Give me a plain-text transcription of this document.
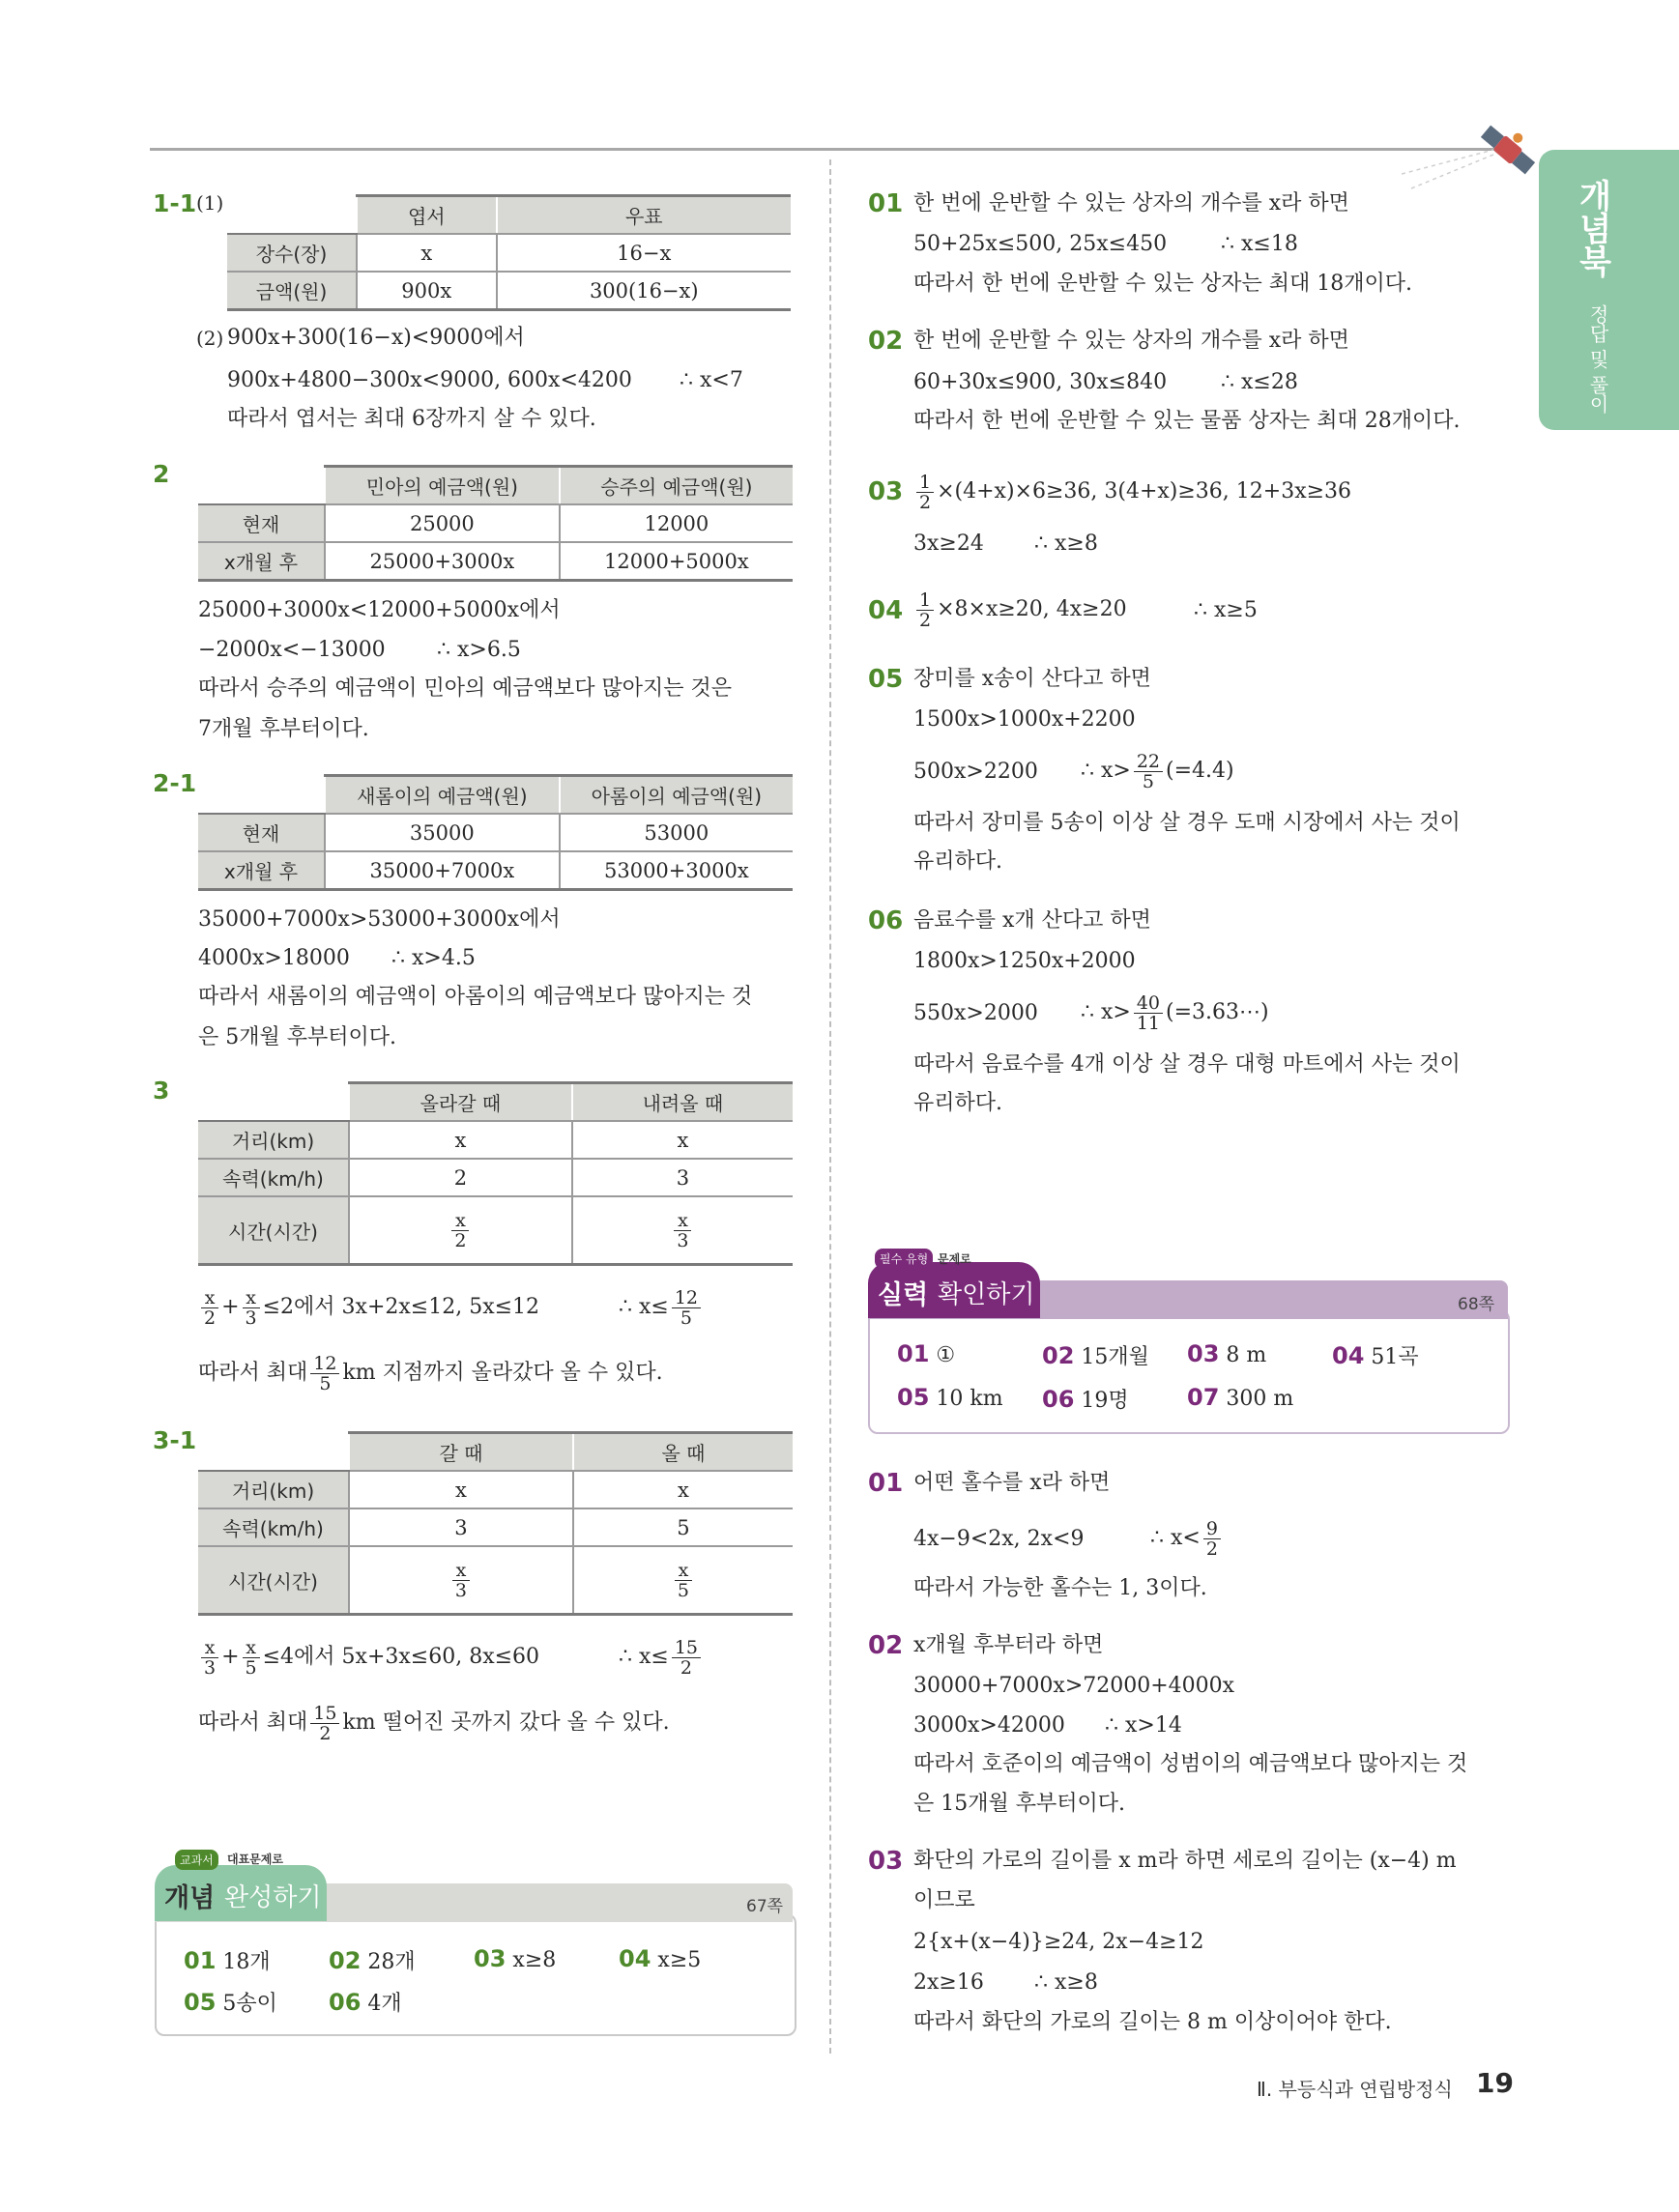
개념북
정답 및 풀이
1-1 (1)
	엽서	우표
장수(장)	x	16−x
금액(원)	900x	300(16−x)
(2) 900x+300(16−x)<9000에서
900x+4800−300x<9000, 600x<4200 ∴ x<7
따라서 엽서는 최대 6장까지 살 수 있다.
2
		민아의 예금액(원)	승주의 예금액(원)
현재	25000	12000
x개월 후	25000+3000x	12000+5000x
25000+3000x<12000+5000x에서
−2000x<−13000 ∴ x>6.5
따라서 승주의 예금액이 민아의 예금액보다 많아지는 것은
7개월 후부터이다.
2-1
		새롬이의 예금액(원)	아롬이의 예금액(원)
현재	35000	53000
x개월 후	35000+7000x	53000+3000x
35000+7000x>53000+3000x에서
4000x>18000 ∴ x>4.5
따라서 새롬이의 예금액이 아롬이의 예금액보다 많아지는 것
은 5개월 후부터이다.
3
		올라갈 때	내려올 때
거리(km)	x	x
속력(km/h)	2	3
시간(시간)	$\frac{x}{2}$	$\frac{x}{3}$
$\frac{x}{2} + \frac{x}{3} \le 2$에서 3x+2x≤12, 5x≤12	∴ $x\le \frac{12}{5}$
따라서 최대 $\frac{12}{5}$ km 지점까지 올라갔다 올 수 있다.
3-1
		갈 때	올 때
거리(km)	x	x
속력(km/h)	3	5
시간(시간)	$\frac{x}{3}$	$\frac{x}{5}$
$\frac{x}{3} + \frac{x}{5} \le 4$에서 5x+3x≤60, 8x≤60	∴ $x\le \frac{15}{2}$
따라서 최대 $\frac{15}{2}$ km 떨어진 곳까지 갔다 올 수 있다.
교과서	대표문제로
개념 완성하기	67쪽
01 18개	02 28개	03 x≥8	04 x≥5
05 5송이 06 4개
01 한 번에 운반할 수 있는 상자의 개수를 x라 하면
50+25x≤500, 25x≤450	∴ x≤18
따라서 한 번에 운반할 수 있는 상자는 최대 18개이다.
02 한 번에 운반할 수 있는 상자의 개수를 x라 하면
60+30x≤900, 30x≤840	∴ x≤28
따라서 한 번에 운반할 수 있는 물품 상자는 최대 28개이다.
$03 \frac{1}{2} \times(4+x)\times 6\ge 36$, 3(4+x)≥36, 12+3x≥36
3x≥24 ∴ x≥8
$04 \frac{1}{2} \times 8\times x\ge 20$, 4x≥20	∴ x≥5
05 장미를 x송이 산다고 하면
1500x>1000x+2200
500x>2200 ∴ $x> \frac{22}{5} (=4.4)$
따라서 장미를 5송이 이상 살 경우 도매 시장에서 사는 것이
유리하다.
06 음료수를 x개 산다고 하면
1800x>1250x+2000
550x>2000 ∴ $x> \frac{40}{11}$ (=3.63⋯)
따라서 음료수를 4개 이상 살 경우 대형 마트에서 사는 것이
유리하다.
필수 유형 문제로
실력 확인하기	68쪽
01 ①	02 15개월 03 8 m	04 51곡
05 10 km 06 19명	07 300 m
01 어떤 홀수를 x라 하면
4x−9<2x, 2x<9	∴ $x< \frac{9}{2}$
따라서 가능한 홀수는 1, 3이다.
02 x개월 후부터라 하면
30000+7000x>72000+4000x
3000x>42000 ∴ x>14
따라서 호준이의 예금액이 성범이의 예금액보다 많아지는 것
은 15개월 후부터이다.
03 화단의 가로의 길이를 x m라 하면 세로의 길이는 (x−4) m
이므로
2{x+(x−4)}≥24, 2x−4≥12
2x≥16 ∴ x≥8
따라서 화단의 가로의 길이는 8 m 이상이어야 한다.
Ⅱ. 부등식과 연립방정식 19
